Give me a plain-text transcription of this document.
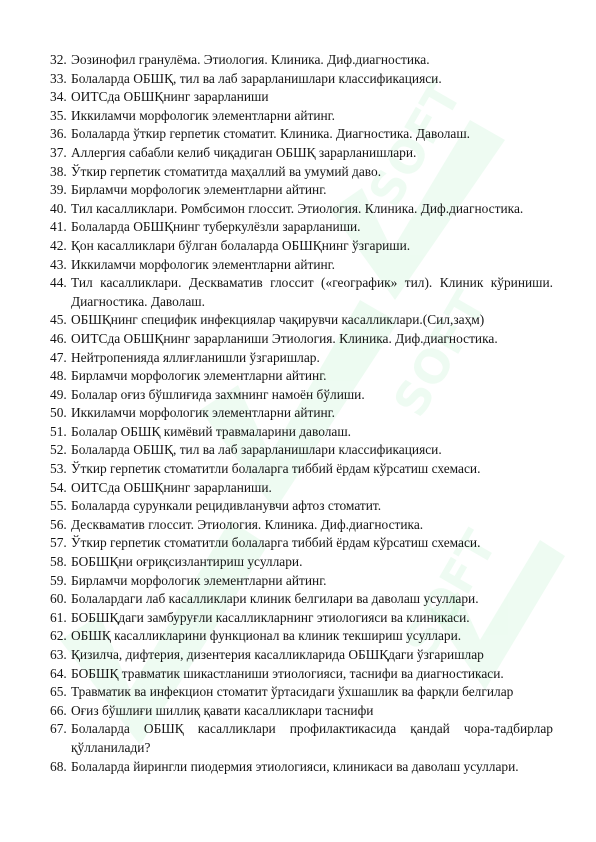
SOFT
SOFT
SOFT
32. Эозинофил гранулёма. Этиология. Клиника. Диф.диагностика.
33. Болаларда ОБШҚ, тил ва лаб зарарланишлари классификацияси.
34. ОИТСда ОБШҚнинг зарарланиши
35. Иккиламчи морфологик элементларни айтинг.
36. Болаларда ўткир герпетик стоматит. Клиника. Диагностика. Даволаш.
37. Аллергия сабабли келиб чиқадиган ОБШҚ зарарланишлари.
38. Ўткир герпетик стоматитда маҳаллий ва умумий даво.
39. Бирламчи морфологик элементларни айтинг.
40. Тил касалликлари. Ромбсимон глоссит. Этиология. Клиника. Диф.диагностика.
41. Болаларда ОБШҚнинг туберкулёзли зарарланиши.
42. Қон касалликлари бўлган болаларда ОБШҚнинг ўзгариши.
43. Иккиламчи морфологик элементларни айтинг.
44. Тил касалликлари. Десквамaтив глоссит («географик» тил). Клиник кўриниши. Диагностика. Даволаш.
45. ОБШҚнинг специфик инфекциялар чақирувчи касалликлари.(Сил,заҳм)
46. ОИТСда ОБШҚнинг зарарланиши Этиология. Клиника. Диф.диагностика.
47. Нейтропенияда яллиғланишли ўзгаришлар.
48. Бирламчи морфологик элементларни айтинг.
49. Болалар оғиз бўшлиғида захмнинг намоён бўлиши.
50. Иккиламчи морфологик элементларни айтинг.
51. Болалар ОБШҚ кимёвий травмаларини даволаш.
52. Болаларда ОБШҚ, тил ва лаб зарарланишлари классификацияси.
53. Ўткир герпетик стоматитли болаларга тиббий ёрдам кўрсатиш схемаси.
54. ОИТСда ОБШҚнинг зарарланиши.
55. Болаларда сурункали рецидивланувчи афтоз стоматит.
56. Десквамaтив глоссит. Этиология. Клиника. Диф.диагностика.
57. Ўткир герпетик стоматитли болаларга тиббий ёрдам кўрсатиш схемаси.
58. БОБШҚни оғриқсизлантириш усуллари.
59. Бирламчи морфологик элементларни айтинг.
60. Болалардаги лаб касалликлари клиник белгилари ва даволаш усуллари.
61. БОБШҚдаги замбуруғли касалликларнинг этиологияси ва клиникаси.
62. ОБШҚ касалликларини функционал ва клиник текшириш усуллари.
63. Қизилча, дифтерия, дизентерия касалликларида ОБШҚдаги ўзгаришлар
64. БОБШҚ травматик шикастланиши этиологияси, таснифи ва диагностикаси.
65. Травматик ва инфекцион стоматит ўртасидаги ўхшашлик ва фарқли белгилар
66. Оғиз бўшлиғи шиллиқ қавати касалликлари таснифи
67. Болаларда ОБШҚ касалликлари профилактикасида қандай чора-тадбирлар қўлланилади?
68. Болаларда йирингли пиодермия этиологияси, клиникаси ва даволаш усуллари.
